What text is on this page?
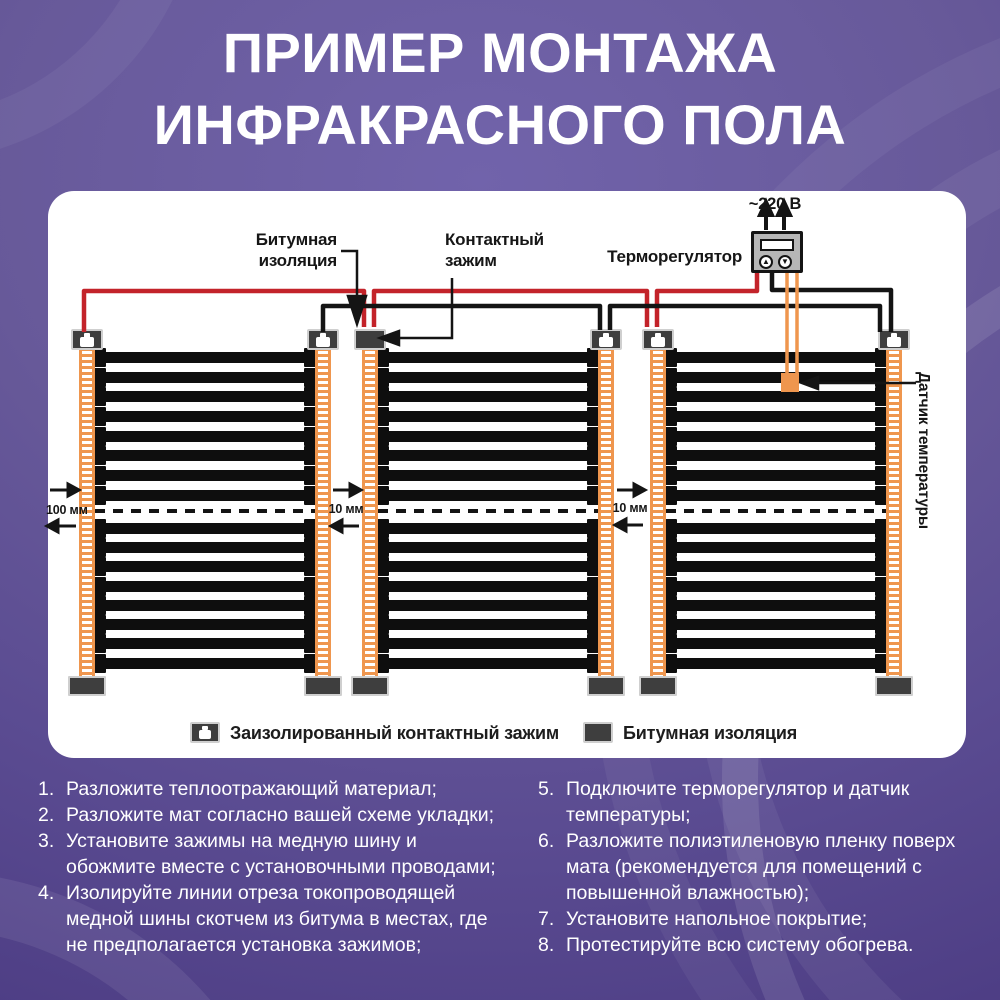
ПРИМЕР МОНТАЖА
ИНФРАКРАСНОГО ПОЛА
▲	▼
Битумная
изоляция
Контактный
зажим	Терморегулятор
~220 В
Датчик температуры
100 мм	10 мм	10 мм
Заизолированный контактный зажим	Битумная изоляция
1. Разложите теплоотражающий материал;
2. Разложите мат согласно вашей схеме укладки;
3. Установите зажимы на медную шину и обожмите вместе с установочными проводами;
4. Изолируйте линии отреза токопроводящей медной шины скотчем из битума в местах, где не предполагается установка зажимов;
5. Подключите терморегулятор и датчик температуры;
6. Разложите полиэтиленовую пленку поверх мата (рекомендуется для помещений с повышенной влажностью);
7. Установите напольное покрытие;
8. Протестируйте всю систему обогрева.
